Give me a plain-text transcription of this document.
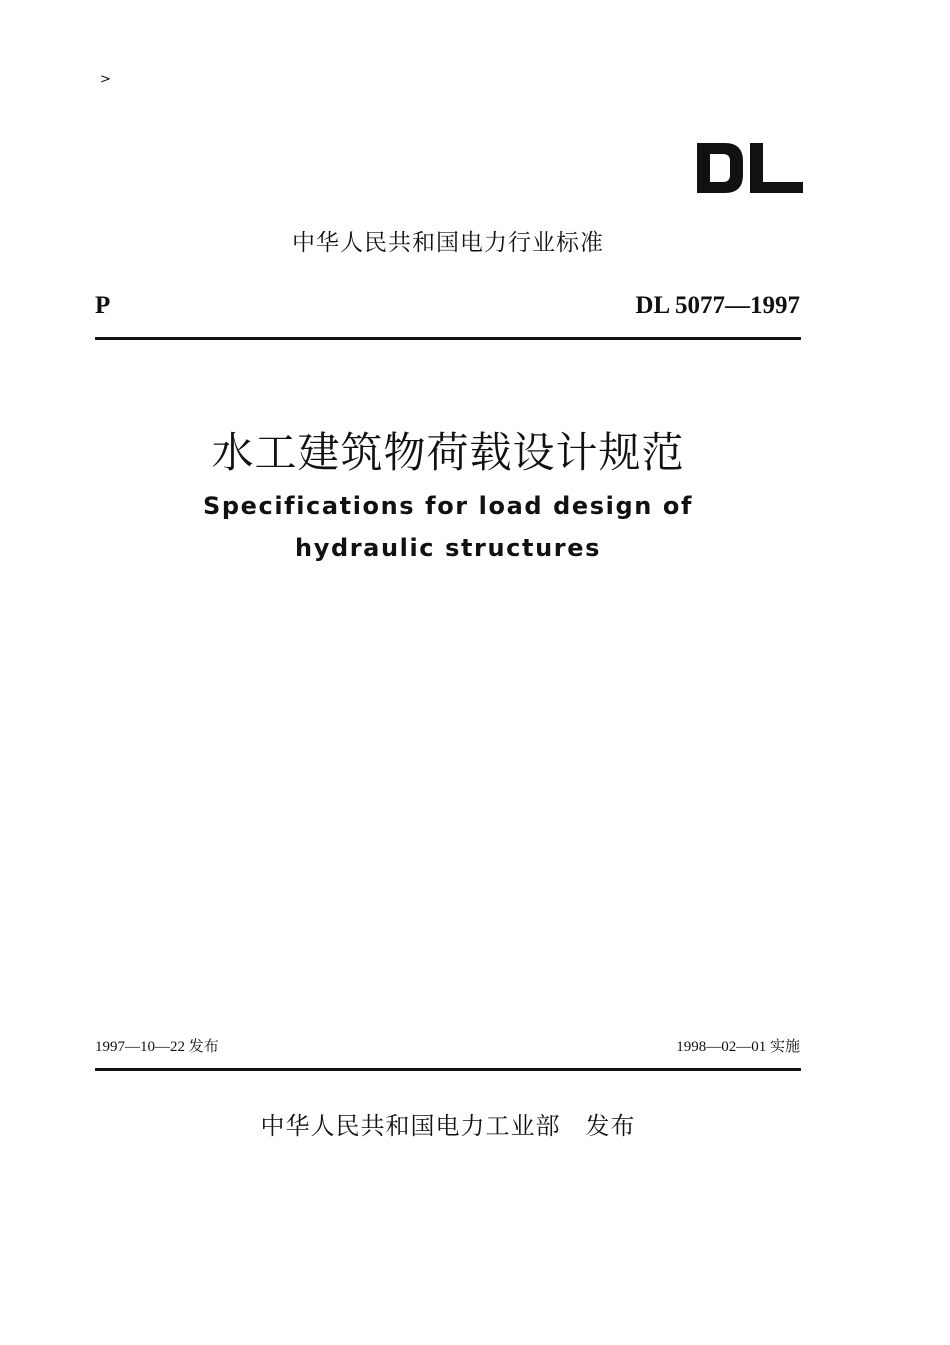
>
中华人民共和国电力行业标准
P	DL 5077—1997
水工建筑物荷载设计规范
Specifications for load design of
hydraulic structures
1997—10—22 发布	1998—02—01 实施
中华人民共和国电力工业部　发布
